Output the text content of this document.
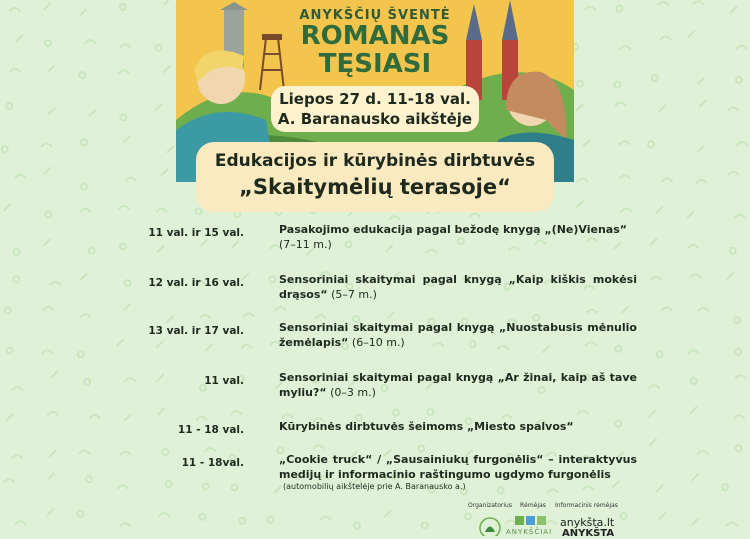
ANYKŠČIŲ ŠVENTĖ
ROMANAS
TĘSIASI
Liepos 27 d. 11-18 val.
A. Baranausko aikštėje
Edukacijos ir kūrybinės dirbtuvės
„Skaitymėlių terasoje“
11 val. ir 15 val.	Pasakojimo edukacija pagal bežodę knygą „(Ne)Vienas“
(7–11 m.)
12 val. ir 16 val.	Sensoriniai skaitymai pagal knygą „Kaip kiškis mokėsi drąsos“ (5–7 m.)
13 val. ir 17 val.	Sensoriniai skaitymai pagal knygą „Nuostabusis mėnulio žemėlapis“ (6–10 m.)
11 val.	Sensoriniai skaitymai pagal knygą „Ar žinai, kaip aš tave myliu?“ (0–3 m.)
11 - 18 val.	Kūrybinės dirbtuvės šeimoms „Miesto spalvos“
11 - 18val.	„Cookie truck“ / „Sausainiukų furgonėlis“ – interaktyvus medijų ir informacinio raštingumo ugdymo furgonėlis
(automobilių aikštelėje prie A. Baranausko a.)
Organizatorius Rėmėjas Informacinis rėmėjas
ANYKŠČIAI
anykšta.lt
ANYKŠTA
